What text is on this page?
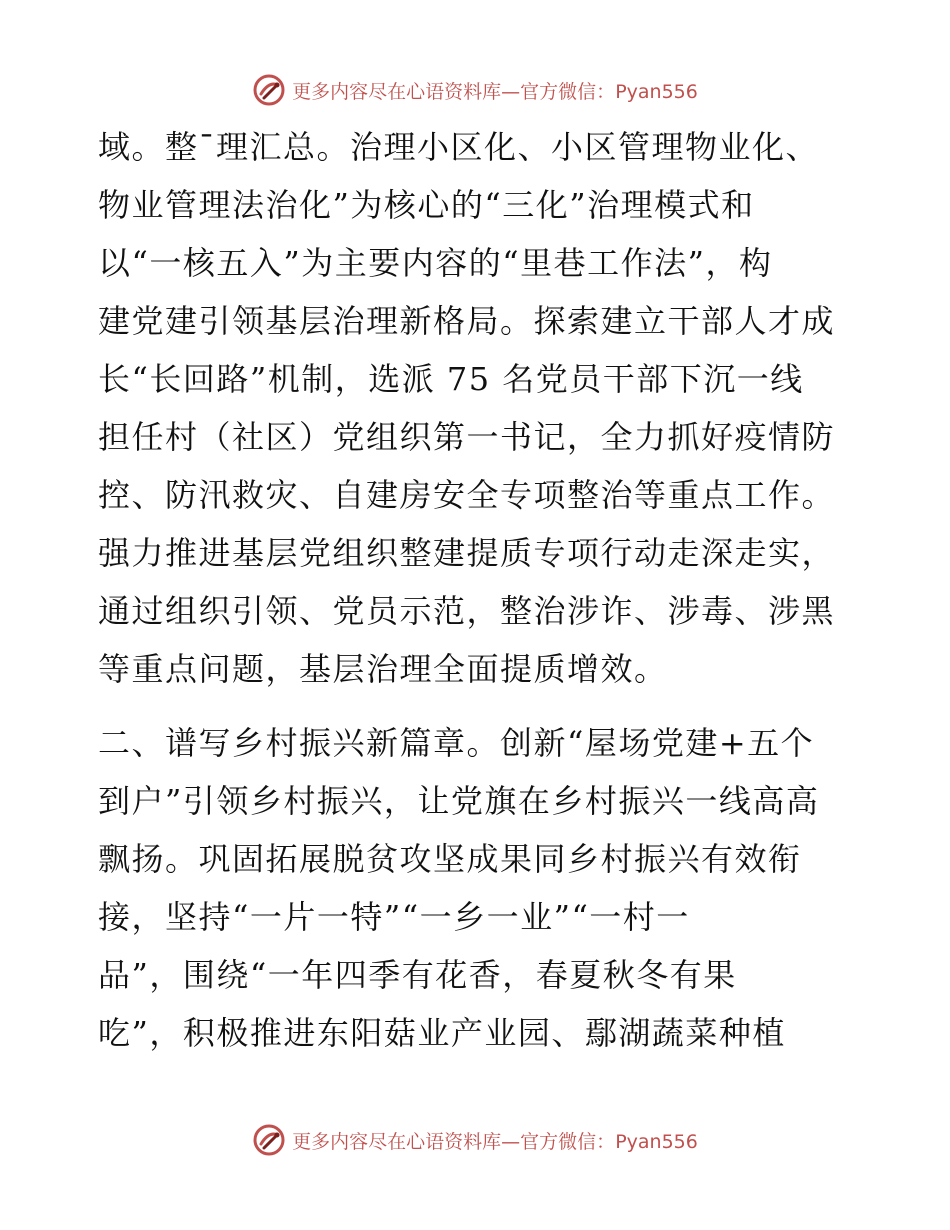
更多内容尽在心语资料库—官方微信：Pyan556
域。整¯理汇总。治理小区化、小区管理物业化、
物业管理法治化”为核心的“三化”治理模式和
以“一核五入”为主要内容的“里巷工作法”，构
建党建引领基层治理新格局。探索建立干部人才成
长“长回路”机制，选派 75 名党员干部下沉一线
担任村（社区）党组织第一书记，全力抓好疫情防
控、防汛救灾、自建房安全专项整治等重点工作。
强力推进基层党组织整建提质专项行动走深走实，
通过组织引领、党员示范，整治涉诈、涉毒、涉黑
等重点问题，基层治理全面提质增效。
二、谱写乡村振兴新篇章。创新“屋场党建+五个
到户”引领乡村振兴，让党旗在乡村振兴一线高高
飘扬。巩固拓展脱贫攻坚成果同乡村振兴有效衔
接，坚持“一片一特”“一乡一业”“一村一
品”，围绕“一年四季有花香，春夏秋冬有果
吃”，积极推进东阳菇业产业园、鄢湖蔬菜种植
更多内容尽在心语资料库—官方微信：Pyan556
